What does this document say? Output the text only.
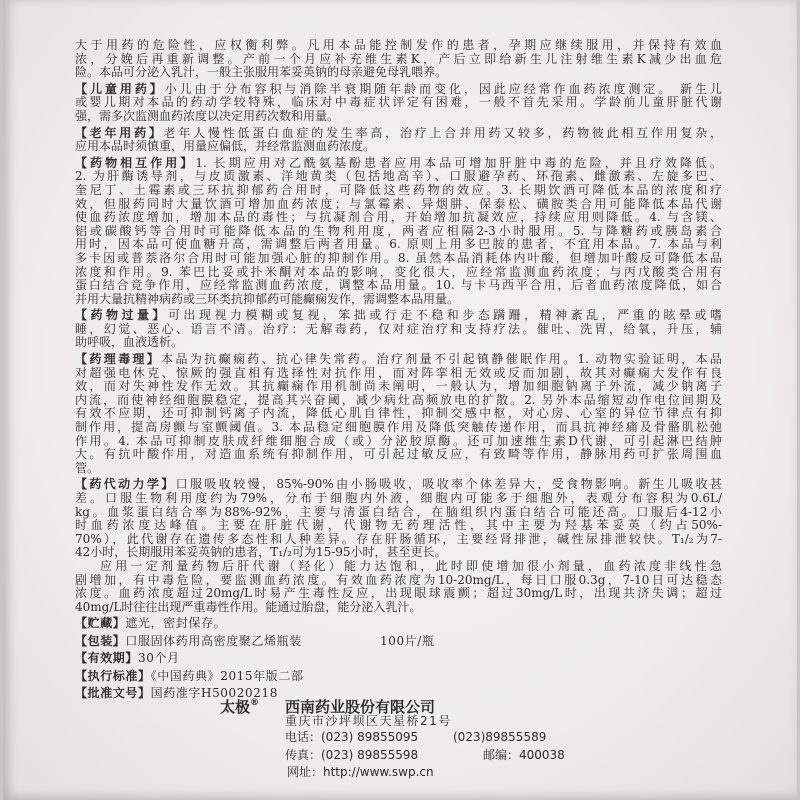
大于用药的危险性，应权衡利弊。凡用本品能控制发作的患者，孕期应继续服用，并保持有效血
浓，分娩后再重新调整。产前一个月应补充维生素K，产后立即给新生儿注射维生素K减少出血危
险。本品可分泌入乳汁，一般主张服用苯妥英钠的母亲避免母乳喂养。
【儿童用药】小儿由于分布容积与消除半衰期随年龄而变化，因此应经常作血药浓度测定。 新生儿
或婴儿期对本品的药动学较特殊，临床对中毒症状评定有困难，一般不首先采用。学龄前儿童肝脏代谢
强，需多次监测血药浓度以决定用药次数和用量。
【老年用药】老年人慢性低蛋白血症的发生率高，治疗上合并用药又较多，药物彼此相互作用复杂，
应用本品时须慎重，用量应偏低，并经常监测血药浓度。
【药物相互作用】1. 长期应用对乙酰氨基酚患者应用本品可增加肝脏中毒的危险，并且疗效降低。
2. 为肝酶诱导剂，与皮质激素、洋地黄类（包括地高辛）、口服避孕药、环孢素、雌激素、左旋多巴、
奎尼丁、土霉素或三环抗抑郁药合用时，可降低这些药物的效应。3. 长期饮酒可降低本品的浓度和疗
效，但服药同时大量饮酒可增加血药浓度；与氯霉素、异烟肼、保泰松、磺胺类合用可能降低本品代谢
使血药浓度增加，增加本品的毒性；与抗凝剂合用，开始增加抗凝效应，持续应用则降低。4. 与含镁、
铝或碳酸钙等合用时可能降低本品的生物利用度，两者应相隔2-3小时服用。5. 与降糖药或胰岛素合
用时，因本品可使血糖升高，需调整后两者用量。6. 原则上用多巴胺的患者，不宜用本品。7. 本品与利
多卡因或普萘洛尔合用时可能加强心脏的抑制作用。8. 虽然本品消耗体内叶酸，但增加叶酸反可降低本品
浓度和作用。9. 苯巴比妥或扑米酮对本品的影响，变化很大，应经常监测血药浓度；与丙戊酸类合用有
蛋白结合竞争作用，应经常监测血药浓度，调整本品用量。10. 与卡马西平合用，后者血药浓度降低，如合
并用大量抗精神病药或三环类抗抑郁药可能癫痫发作，需调整本品用量。
【药物过量】可出现视力模糊或复视，笨拙或行走不稳和步态蹒跚，精神紊乱，严重的眩晕或嗜
睡，幻觉、恶心、语言不清。治疗：无解毒药，仅对症治疗和支持疗法。催吐、洗胃，给氧，升压，辅
助呼吸，血液透析。
【药理毒理】本品为抗癫痫药、抗心律失常药。治疗剂量不引起镇静催眠作用。1. 动物实验证明，本品
对超强电休克、惊厥的强直相有选择性对抗作用，而对阵挛相无效或反而加剧，故其对癫痫大发作有良
效，而对失神性发作无效。其抗癫痫作用机制尚未阐明，一般认为，增加细胞钠离子外流，减少钠离子
内流，而使神经细胞膜稳定，提高其兴奋阈，减少病灶高频放电的扩散。2. 另外本品缩短动作电位间期及
有效不应期，还可抑制钙离子内流，降低心肌自律性，抑制交感中枢，对心房、心室的异位节律点有抑
制作用，提高房颤与室颤阈值。3. 本品稳定细胞膜作用及降低突触传递作用，而具抗神经痛及骨骼肌松弛
作用。4. 本品可抑制皮肤成纤维细胞合成（或）分泌胶原酶。还可加速维生素D代谢，可引起淋巴结肿
大。有抗叶酸作用，对造血系统有抑制作用，可引起过敏反应，有致畸等作用，静脉用药可扩张周围血
管。
【药代动力学】口服吸收较慢，85%-90%由小肠吸收，吸收率个体差异大，受食物影响。新生儿吸收甚
差。口服生物利用度约为79%，分布于细胞内外液，细胞内可能多于细胞外，表观分布容积为0.6L/
kg。血浆蛋白结合率为88%-92%，主要与清蛋白结合，在脑组织内蛋白结合可能还高。口服后4-12小
时血药浓度达峰值。主要在肝脏代谢，代谢物无药理活性，其中主要为羟基苯妥英（约占50%-
70%），此代谢存在遗传多态性和人种差异。存在肝肠循环，主要经肾排泄，碱性尿排泄较快。T₁/₂为7-
42小时，长期服用苯妥英钠的患者，T₁/₂可为15-95小时，甚至更长。
应用一定剂量药物后肝代谢（羟化）能力达饱和，此时即使增加很小剂量，血药浓度非线性急
剧增加，有中毒危险，要监测血药浓度。有效血药浓度为10-20mg/L，每日口服0.3g，7-10日可达稳态
浓度。血药浓度超过20mg/L时易产生毒性反应，出现眼球震颤；超过30mg/L时，出现共济失调；超过
40mg/L时往往出现严重毒性作用。能通过胎盘，能分泌入乳汁。
【贮藏】遮光，密封保存。
【包装】口服固体药用高密度聚乙烯瓶装	100片/瓶
【有效期】30个月
【执行标准】《中国药典》2015年版二部
【批准文号】国药准字H50020218
太极® 西南药业股份有限公司
重庆市沙坪坝区天星桥21号
电话：(023) 89855095	(023)89855589
传真：(023) 89855598	邮编：400038
网址：http://www.swp.cn
